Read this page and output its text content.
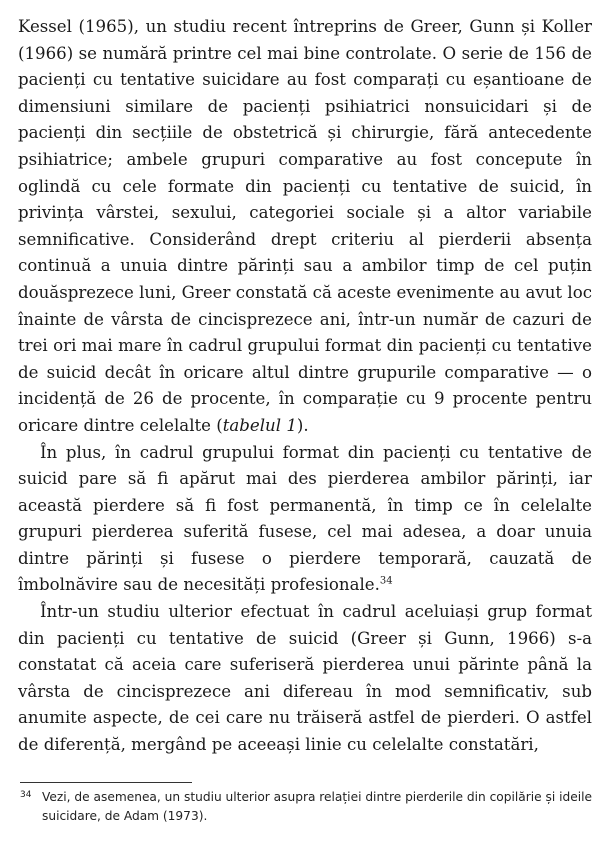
Kessel (1965), un studiu recent întreprins de Greer, Gunn și Koller (1966) se numără printre cel mai bine controlate. O serie de 156 de pacienți cu tentative suicidare au fost comparați cu eșantioane de dimensiuni similare de pacienți psihiatrici nonsuicidari și de pacienți din secțiile de obstetrică și chirurgie, fără antecedente psihiatrice; ambele grupuri comparative au fost concepute în oglindă cu cele formate din pacienți cu tentative de suicid, în privința vârstei, sexului, categoriei sociale și a altor variabile semnificative. Considerând drept criteriu al pierderii absența continuă a unuia dintre părinți sau a ambilor timp de cel puțin douăsprezece luni, Greer constată că aceste evenimente au avut loc înainte de vârsta de cincisprezece ani, într-un număr de cazuri de trei ori mai mare în cadrul grupului format din pacienți cu tentative de suicid decât în oricare altul dintre grupurile comparative — o incidență de 26 de procente, în comparație cu 9 procente pentru oricare dintre celelalte (tabelul 1).

În plus, în cadrul grupului format din pacienți cu tentative de suicid pare să fi apărut mai des pierderea ambilor părinți, iar această pierdere să fi fost permanentă, în timp ce în celelalte grupuri pierderea suferită fusese, cel mai adesea, a doar unuia dintre părinți și fusese o pierdere temporară, cauzată de îmbolnăvire sau de necesități profesionale.$^{34}$

Într-un studiu ulterior efectuat în cadrul aceluiași grup format din pacienți cu tentative de suicid (Greer și Gunn, 1966) s-a constatat că aceia care suferiseră pierderea unui părinte până la vârsta de cincisprezece ani difereau în mod semnificativ, sub anumite aspecte, de cei care nu trăiseră astfel de pierderi. O astfel de diferență, mergând pe aceeași linie cu celelalte constatări,

34 Vezi, de asemenea, un studiu ulterior asupra relației dintre pierderile din copilărie și ideile suicidare, de Adam (1973).
